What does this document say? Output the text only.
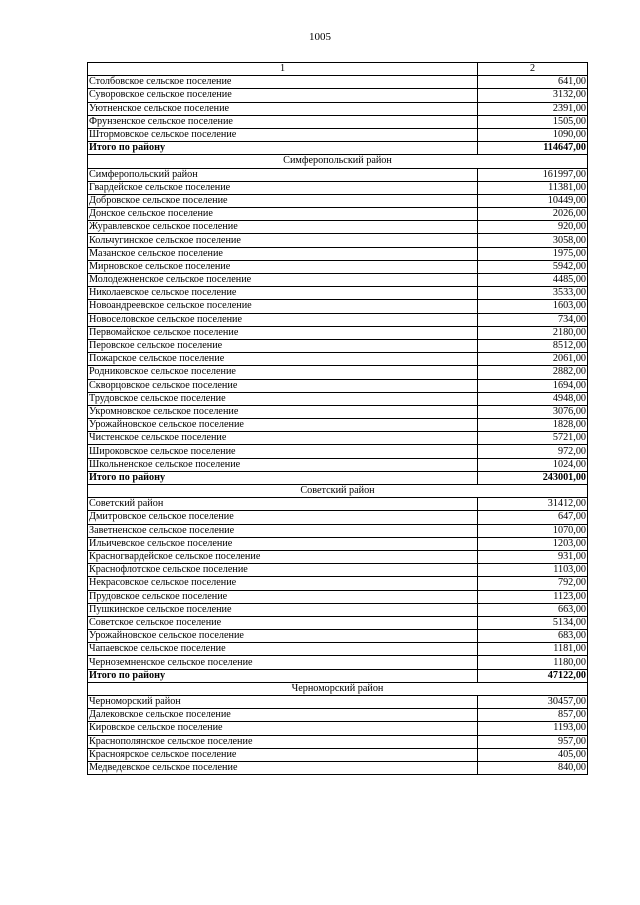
1005
1	2
Столбовское сельское поселение	641,00
Суворовское сельское поселение	3132,00
Уютненское сельское поселение	2391,00
Фрунзенское сельское поселение	1505,00
Штормовское сельское поселение	1090,00
Итого по району	114647,00
Симферопольский район	
Симферопольский район	161997,00
Гвардейское сельское поселение	11381,00
Добровское сельское поселение	10449,00
Донское сельское поселение	2026,00
Журавлевское сельское поселение	920,00
Кольчугинское сельское поселение	3058,00
Мазанское сельское поселение	1975,00
Мирновское сельское поселение	5942,00
Молодежненское сельское поселение	4485,00
Николаевское сельское поселение	3533,00
Новоандреевское сельское поселение	1603,00
Новоселовское сельское поселение	734,00
Первомайское сельское поселение	2180,00
Перовское сельское поселение	8512,00
Пожарское сельское поселение	2061,00
Родниковское сельское поселение	2882,00
Скворцовское сельское поселение	1694,00
Трудовское сельское поселение	4948,00
Укромновское сельское поселение	3076,00
Урожайновское сельское поселение	1828,00
Чистенское сельское поселение	5721,00
Широковское сельское поселение	972,00
Школьненское сельское поселение	1024,00
Итого по району	243001,00
Советский район	
Советский район	31412,00
Дмитровское сельское поселение	647,00
Заветненское сельское поселение	1070,00
Ильичевское сельское поселение	1203,00
Красногвардейское сельское поселение	931,00
Краснофлотское сельское поселение	1103,00
Некрасовское сельское поселение	792,00
Прудовское сельское поселение	1123,00
Пушкинское сельское поселение	663,00
Советское сельское поселение	5134,00
Урожайновское сельское поселение	683,00
Чапаевское сельское поселение	1181,00
Черноземненское сельское поселение	1180,00
Итого по району	47122,00
Черноморский район	
Черноморский район	30457,00
Далековское сельское поселение	857,00
Кировское сельское поселение	1193,00
Краснополянское сельское поселение	957,00
Красноярское сельское поселение	405,00
Медведевское сельское поселение	840,00
